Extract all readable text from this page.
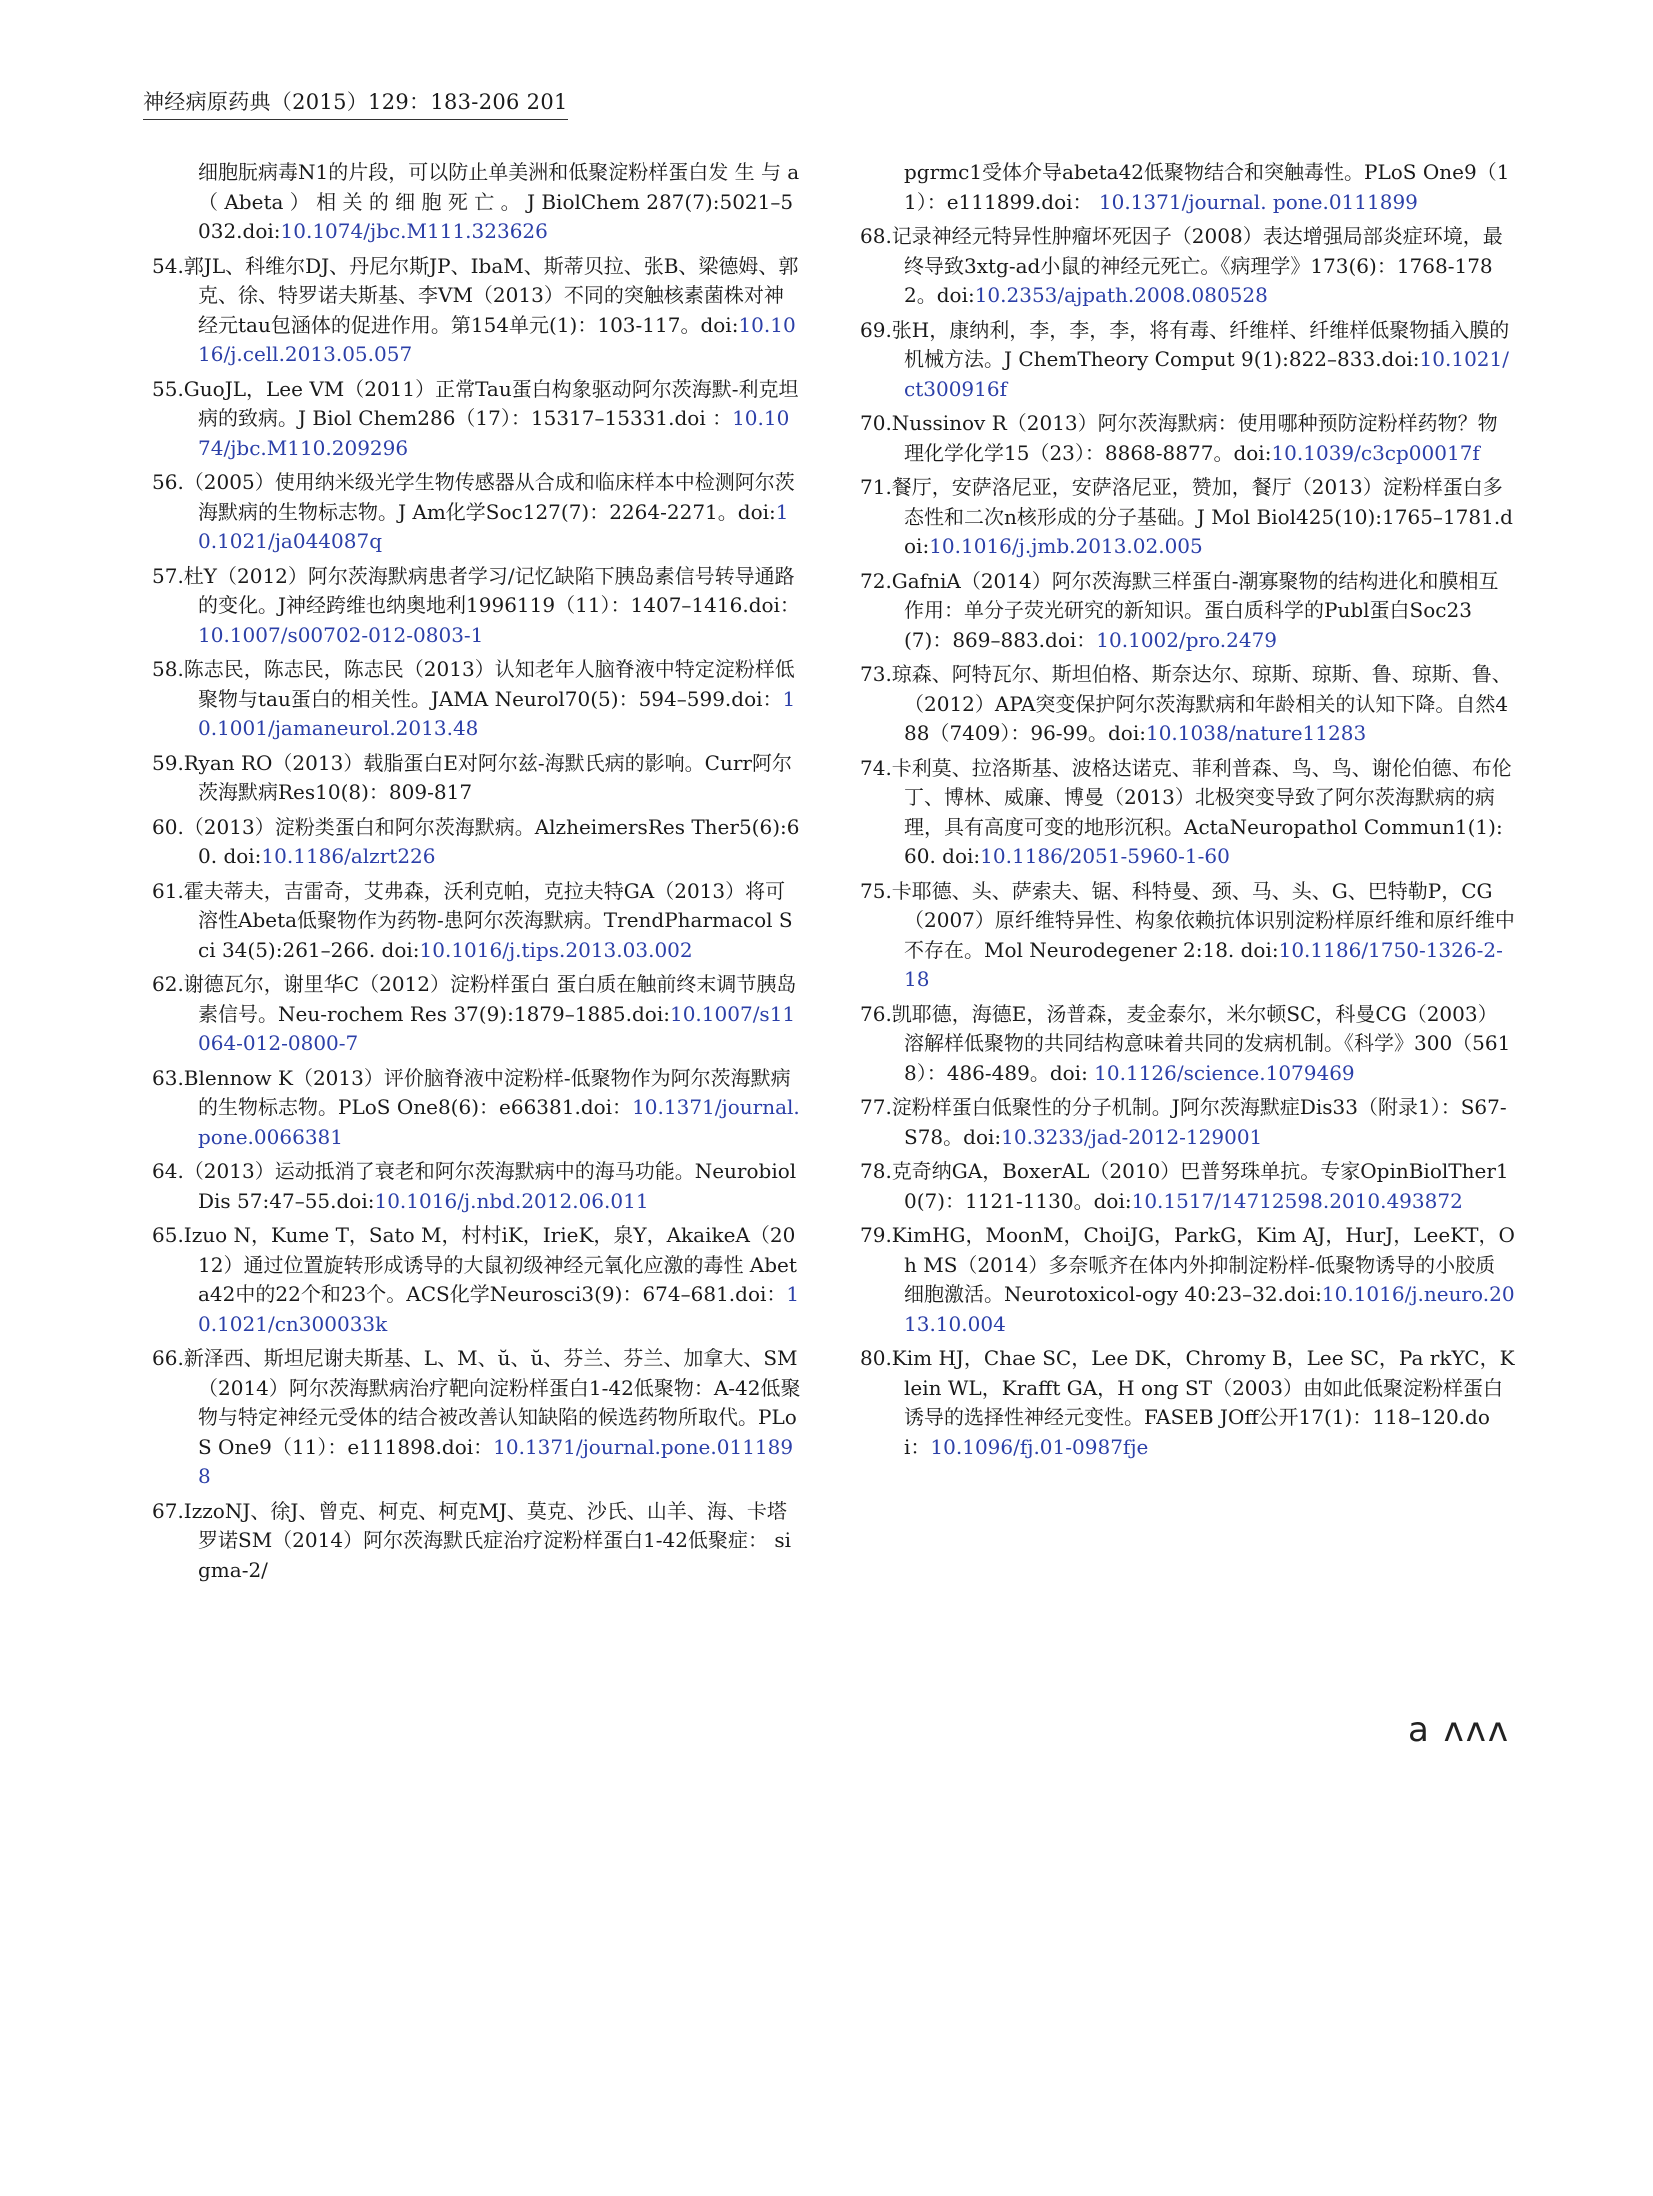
神经病原药典（2015）129：183-206 201
细胞朊病毒N1的片段，可以防止单美洲和低聚淀粉样蛋白发 生 与 a （ Abeta ） 相 关 的 细 胞 死 亡 。 J BiolChem 287(7):5021–5032.doi:10.1074/jbc.M111.323626
54.郭JL、科维尔DJ、丹尼尔斯JP、IbaM、斯蒂贝拉、张B、梁德姆、郭克、徐、特罗诺夫斯基、李VM（2013）不同的突触核素菌株对神经元tau包涵体的促进作用。第154单元(1)：103-117。doi:10.1016/j.cell.2013.05.057
55.GuoJL，Lee VM（2011）正常Tau蛋白构象驱动阿尔茨海默-利克坦病的致病。J Biol Chem286（17）：15317–15331.doi ：10.1074/jbc.M110.209296
56.（2005）使用纳米级光学生物传感器从合成和临床样本中检测阿尔茨海默病的生物标志物。J Am化学Soc127(7)：2264-2271。doi:10.1021/ja044087q
57.杜Y（2012）阿尔茨海默病患者学习/记忆缺陷下胰岛素信号转导通路的变化。J神经跨维也纳奥地利1996119（11）：1407–1416.doi： 10.1007/s00702-012-0803-1
58.陈志民，陈志民，陈志民（2013）认知老年人脑脊液中特定淀粉样低聚物与tau蛋白的相关性。JAMA Neurol70(5)：594–599.doi：10.1001/jamaneurol.2013.48
59.Ryan RO（2013）载脂蛋白E对阿尔兹-海默氏病的影响。Curr阿尔茨海默病Res10(8)：809-817
60.（2013）淀粉类蛋白和阿尔茨海默病。AlzheimersRes Ther5(6):60. doi:10.1186/alzrt226
61.霍夫蒂夫，吉雷奇，艾弗森，沃利克帕，克拉夫特GA（2013）将可溶性Abeta低聚物作为药物-患阿尔茨海默病。TrendPharmacol Sci 34(5):261–266. doi:10.1016/j.tips.2013.03.002
62.谢德瓦尔，谢里华C（2012）淀粉样蛋白 蛋白质在触前终末调节胰岛素信号。Neu-rochem Res 37(9):1879–1885.doi:10.1007/s11064-012-0800-7
63.Blennow K（2013）评价脑脊液中淀粉样-低聚物作为阿尔茨海默病的生物标志物。PLoS One8(6)：e66381.doi：10.1371/journal.pone.0066381
64.（2013）运动抵消了衰老和阿尔茨海默病中的海马功能。Neurobiol Dis 57:47–55.doi:10.1016/j.nbd.2012.06.011
65.Izuo N，Kume T，Sato M，村村iK，IrieK，泉Y，AkaikeA（2012）通过位置旋转形成诱导的大鼠初级神经元氧化应激的毒性 Abeta42中的22个和23个。ACS化学Neurosci3(9)：674–681.doi：10.1021/cn300033k
66.新泽西、斯坦尼谢夫斯基、L、M、ŭ、ŭ、芬兰、芬兰、加拿大、SM（2014）阿尔茨海默病治疗靶向淀粉样蛋白1-42低聚物：A-42低聚物与特定神经元受体的结合被改善认知缺陷的候选药物所取代。PLoS One9（11）：e111898.doi：10.1371/journal.pone.0111898
67.IzzoNJ、徐J、曾克、柯克、柯克MJ、莫克、沙氏、山羊、海、卡塔罗诺SM（2014）阿尔茨海默氏症治疗淀粉样蛋白1-42低聚症： sigma-2/
pgrmc1受体介导abeta42低聚物结合和突触毒性。PLoS One9（11）：e111899.doi： 10.1371/journal. pone.0111899
68.记录神经元特异性肿瘤坏死因子（2008）表达增强局部炎症环境，最终导致3xtg-ad小鼠的神经元死亡。《病理学》173(6)：1768-1782。doi:10.2353/ajpath.2008.080528
69.张H，康纳利，李，李，李，将有毒、纤维样、纤维样低聚物插入膜的机械方法。J ChemTheory Comput 9(1):822–833.doi:10.1021/ct300916f
70.Nussinov R（2013）阿尔茨海默病：使用哪种预防淀粉样药物？物理化学化学15（23）：8868-8877。doi:10.1039/c3cp00017f
71.餐厅，安萨洛尼亚，安萨洛尼亚，赞加，餐厅（2013）淀粉样蛋白多态性和二次n核形成的分子基础。J Mol Biol425(10):1765–1781.doi:10.1016/j.jmb.2013.02.005
72.GafniA（2014）阿尔茨海默三样蛋白-潮寡聚物的结构进化和膜相互作用：单分子荧光研究的新知识。蛋白质科学的Publ蛋白Soc23(7)：869–883.doi：10.1002/pro.2479
73.琼森、阿特瓦尔、斯坦伯格、斯奈达尔、琼斯、琼斯、鲁、琼斯、鲁、（2012）APA突变保护阿尔茨海默病和年龄相关的认知下降。自然488（7409）：96-99。doi:10.1038/nature11283
74.卡利莫、拉洛斯基、波格达诺克、菲利普森、鸟、鸟、谢伦伯德、布伦丁、博林、威廉、博曼（2013）北极突变导致了阿尔茨海默病的病理，具有高度可变的地形沉积。ActaNeuropathol Commun1(1):60. doi:10.1186/2051-5960-1-60
75.卡耶德、头、萨索夫、锯、科特曼、颈、马、头、G、巴特勒P，CG（2007）原纤维特异性、构象依赖抗体识别淀粉样原纤维和原纤维中不存在。Mol Neurodegener 2:18. doi:10.1186/1750-1326-2-18
76.凯耶德，海德E，汤普森，麦金泰尔，米尔顿SC，科曼CG（2003）溶解样低聚物的共同结构意味着共同的发病机制。《科学》300（5618）：486-489。doi: 10.1126/science.1079469
77.淀粉样蛋白低聚性的分子机制。J阿尔茨海默症Dis33（附录1）：S67-S78。doi:10.3233/jad-2012-129001
78.克奇纳GA，BoxerAL（2010）巴普努珠单抗。专家OpinBiolTher10(7)：1121-1130。doi:10.1517/14712598.2010.493872
79.KimHG，MoonM，ChoiJG，ParkG，Kim AJ，HurJ，LeeKT，Oh MS（2014）多奈哌齐在体内外抑制淀粉样-低聚物诱导的小胶质细胞激活。Neurotoxicol-ogy 40:23–32.doi:10.1016/j.neuro.2013.10.004
80.Kim HJ，Chae SC，Lee DK，Chromy B，Lee SC，Pa rkYC，Klein WL，Krafft GA，H ong ST（2003）由如此低聚淀粉样蛋白诱导的选择性神经元变性。FASEB JOff公开17(1)：118–120.doi：10.1096/fj.01-0987fje
a ʌʌʌ
